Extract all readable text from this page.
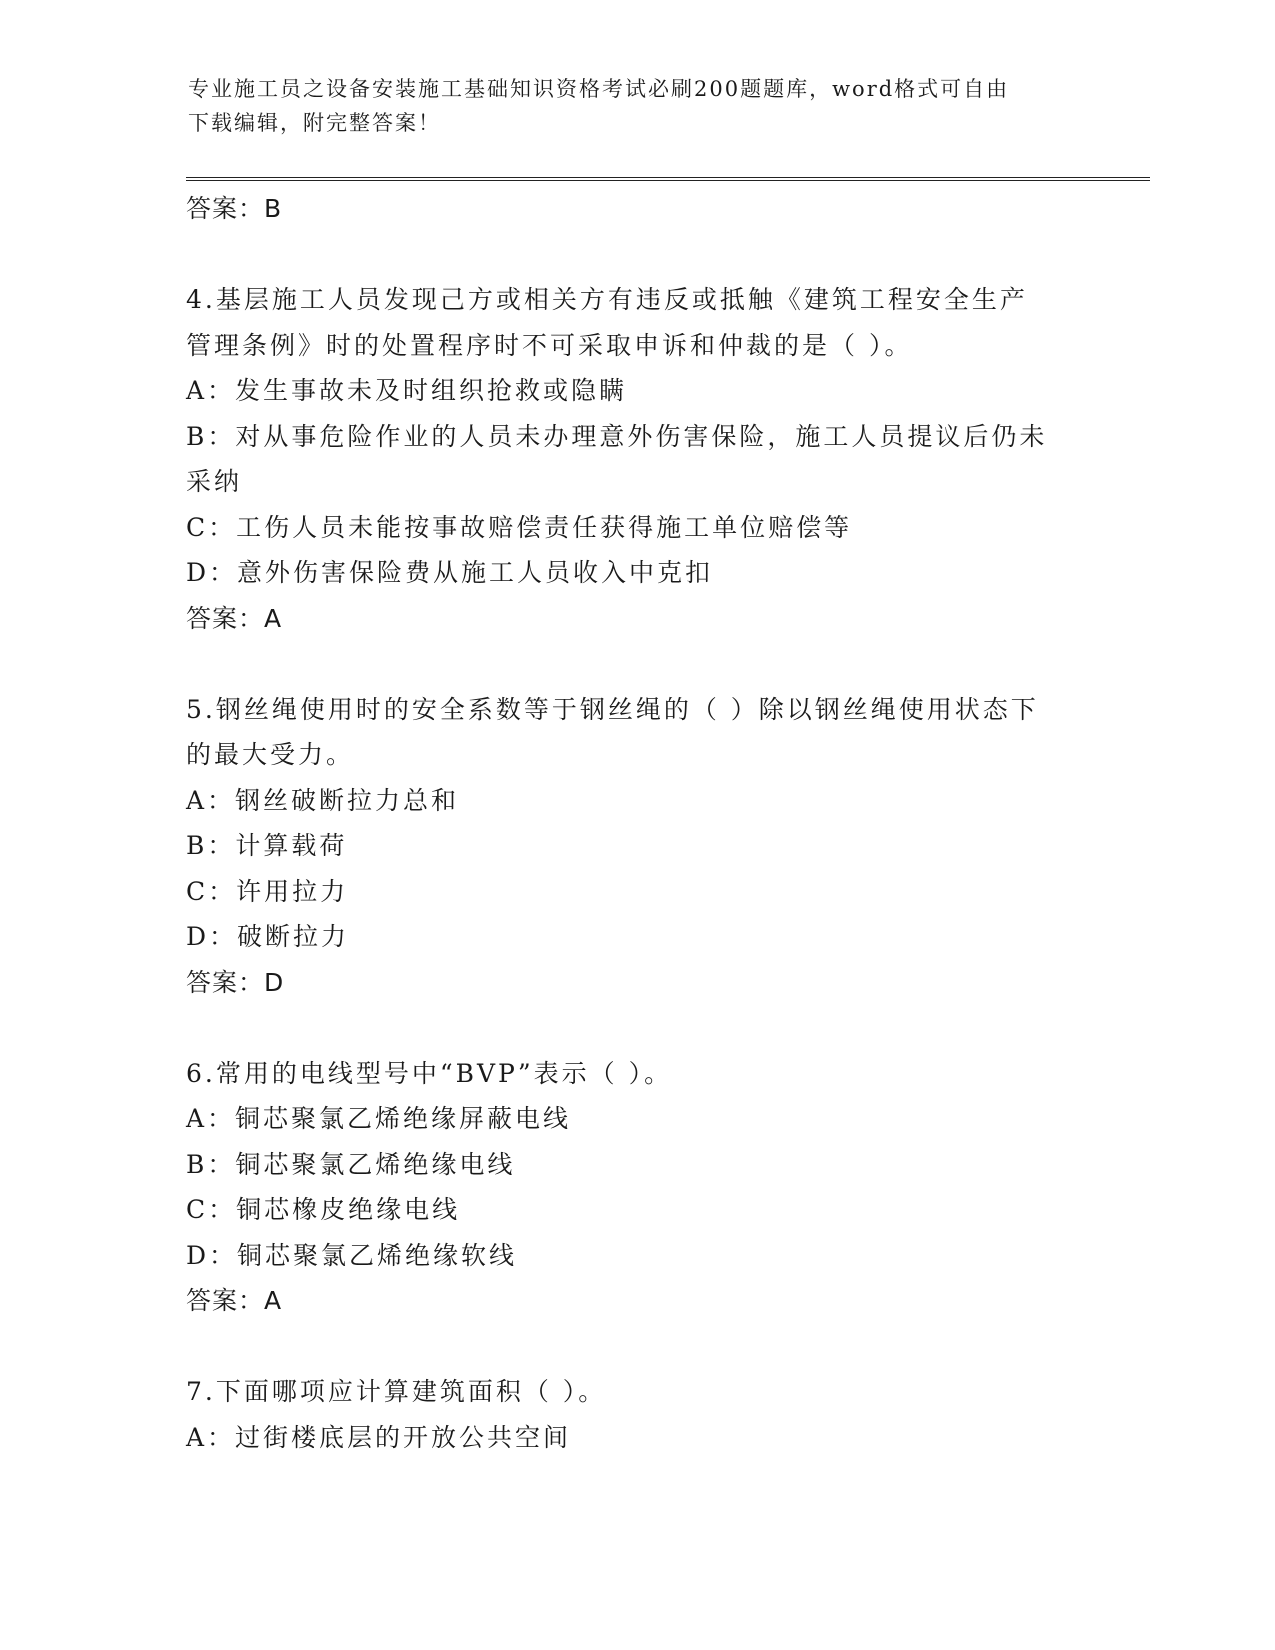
专业施工员之设备安装施工基础知识资格考试必刷200题题库，word格式可自由
下载编辑，附完整答案！
答案：B
4.基层施工人员发现己方或相关方有违反或抵触《建筑工程安全生产
管理条例》时的处置程序时不可采取申诉和仲裁的是（ ）。
A：发生事故未及时组织抢救或隐瞒
B：对从事危险作业的人员未办理意外伤害保险，施工人员提议后仍未
采纳
C：工伤人员未能按事故赔偿责任获得施工单位赔偿等
D：意外伤害保险费从施工人员收入中克扣
答案：A
5.钢丝绳使用时的安全系数等于钢丝绳的（ ）除以钢丝绳使用状态下
的最大受力。
A：钢丝破断拉力总和
B：计算载荷
C：许用拉力
D：破断拉力
答案：D
6.常用的电线型号中“BVP”表示（ ）。
A：铜芯聚氯乙烯绝缘屏蔽电线
B：铜芯聚氯乙烯绝缘电线
C：铜芯橡皮绝缘电线
D：铜芯聚氯乙烯绝缘软线
答案：A
7.下面哪项应计算建筑面积（ ）。
A：过街楼底层的开放公共空间
